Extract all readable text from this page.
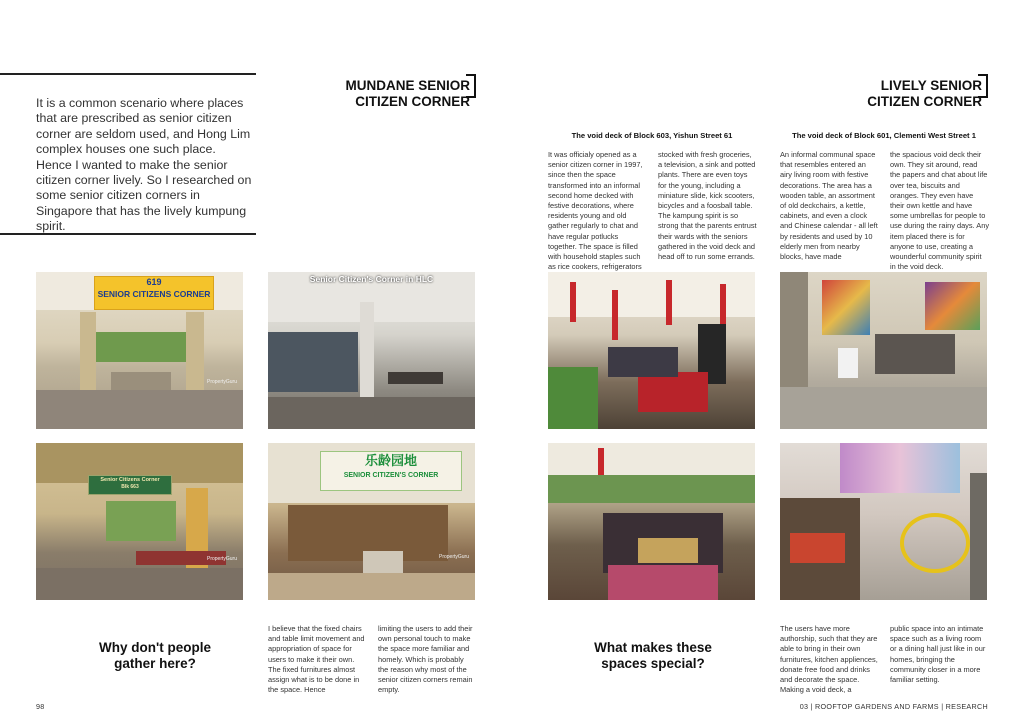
It is a common scenario where places that are prescribed as senior citizen corner are seldom used, and Hong Lim complex houses one such place. Hence I wanted to make the senior citizen corner lively. So I researched on some senior citizen corners in Singapore that has the lively kumpung spirit.
MUNDANE SENIOR
CITIZEN CORNER
619
SENIOR CITIZENS CORNER
PropertyGuru
Senior Citizen's Corner in HLC
Senior Citizens Corner
Blk 663
PropertyGuru
乐龄园地
SENIOR CITIZEN'S CORNER
PropertyGuru
Why don't people
gather here?
I believe that the fixed chairs and table limit movement and appropriation of space for users to make it their own. The fixed furnitures almost assign what is to be done in the space. Hence
limiting the users to add their own personal touch to make the space more familiar and homely. Which is probably the reason why most of the senior citizen corners remain empty.
98
LIVELY SENIOR
CITIZEN CORNER
The void deck of Block 603, Yishun Street 61	The void deck of Block 601, Clementi West Street 1
It was officialy opened as a senior citizen corner in 1997, since then the space transformed into an informal second home decked with festive decorations, where residents young and old gather regularly to chat and have regular potlucks together. The space is filled with household staples such as rice cookers, refrigerators
stocked with fresh groceries, a television, a sink and potted plants. There are even toys for the young, including a miniature slide, kick scooters, bicycles and a foosball table. The kampung spirit is so strong that the parents entrust their wards with the seniors gathered in the void deck and head off to run some errands.
An informal communal space that resembles entered an airy living room with festive decorations. The area has a wooden table, an assortment of old deckchairs, a kettle, cabinets, and even a clock and Chinese calendar - all left by residents and used by 10 elderly men from nearby blocks, have made
the spacious void deck their own. They sit around, read the papers and chat about life over tea, biscuits and oranges. They even have their own kettle and have some umbrellas for people to use during the rainy days. Any item placed there is for anyone to use, creating a wounderful community spirit in the void deck.
What makes these
spaces special?
The users have more authorship, such that they are able to bring in their own furnitures, kitchen appliences, donate free food and drinks and decorate the space. Making a void deck, a
public space into an intimate space such as a living room or a dining hall just like in our homes, bringing the community closer in a more familiar setting.
03 | ROOFTOP GARDENS AND FARMS | RESEARCH
